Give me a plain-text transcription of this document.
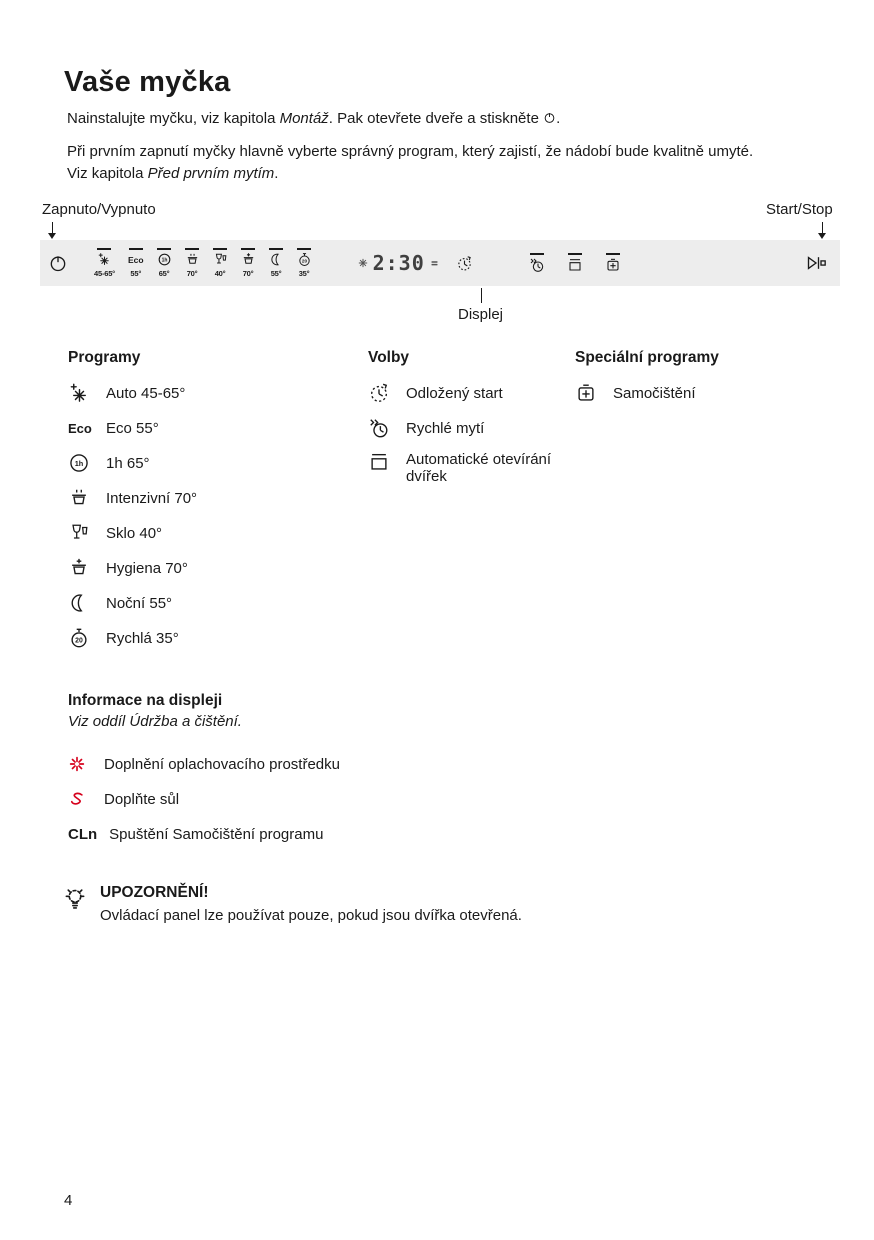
Vaše myčka

Nainstalujte myčku, viz kapitola Montáž. Pak otevřete dveře a stiskněte
.

Při prvním zapnutí myčky hlavně vyberte správný program, který zajistí, že nádobí bude kvalitně umyté.
Viz kapitola Před prvním mytím.

Zapnuto/Vypnuto	Start/Stop
45-65°
Eco
55°
1h
65° 70° 40° 70° 55°
20
35°	2:30
Displej
Programy
Auto 45-65°
Eco Eco 55°
1h 1h 65°
Intenzivní 70°
Sklo 40°
Hygiena 70°
Noční 55°
20 Rychlá 35°
Volby
Odložený start
Rychlé mytí
Automatické otevírání dvířek
Speciální programy
Samočištění
Informace na displeji
Viz oddíl Údržba a čištění.
Doplnění oplachovacího prostředku
Doplňte sůl
CLn Spuštění Samočištění programu
UPOZORNĚNÍ!

Ovládací panel lze používat pouze, pokud jsou dvířka otevřená.

4
